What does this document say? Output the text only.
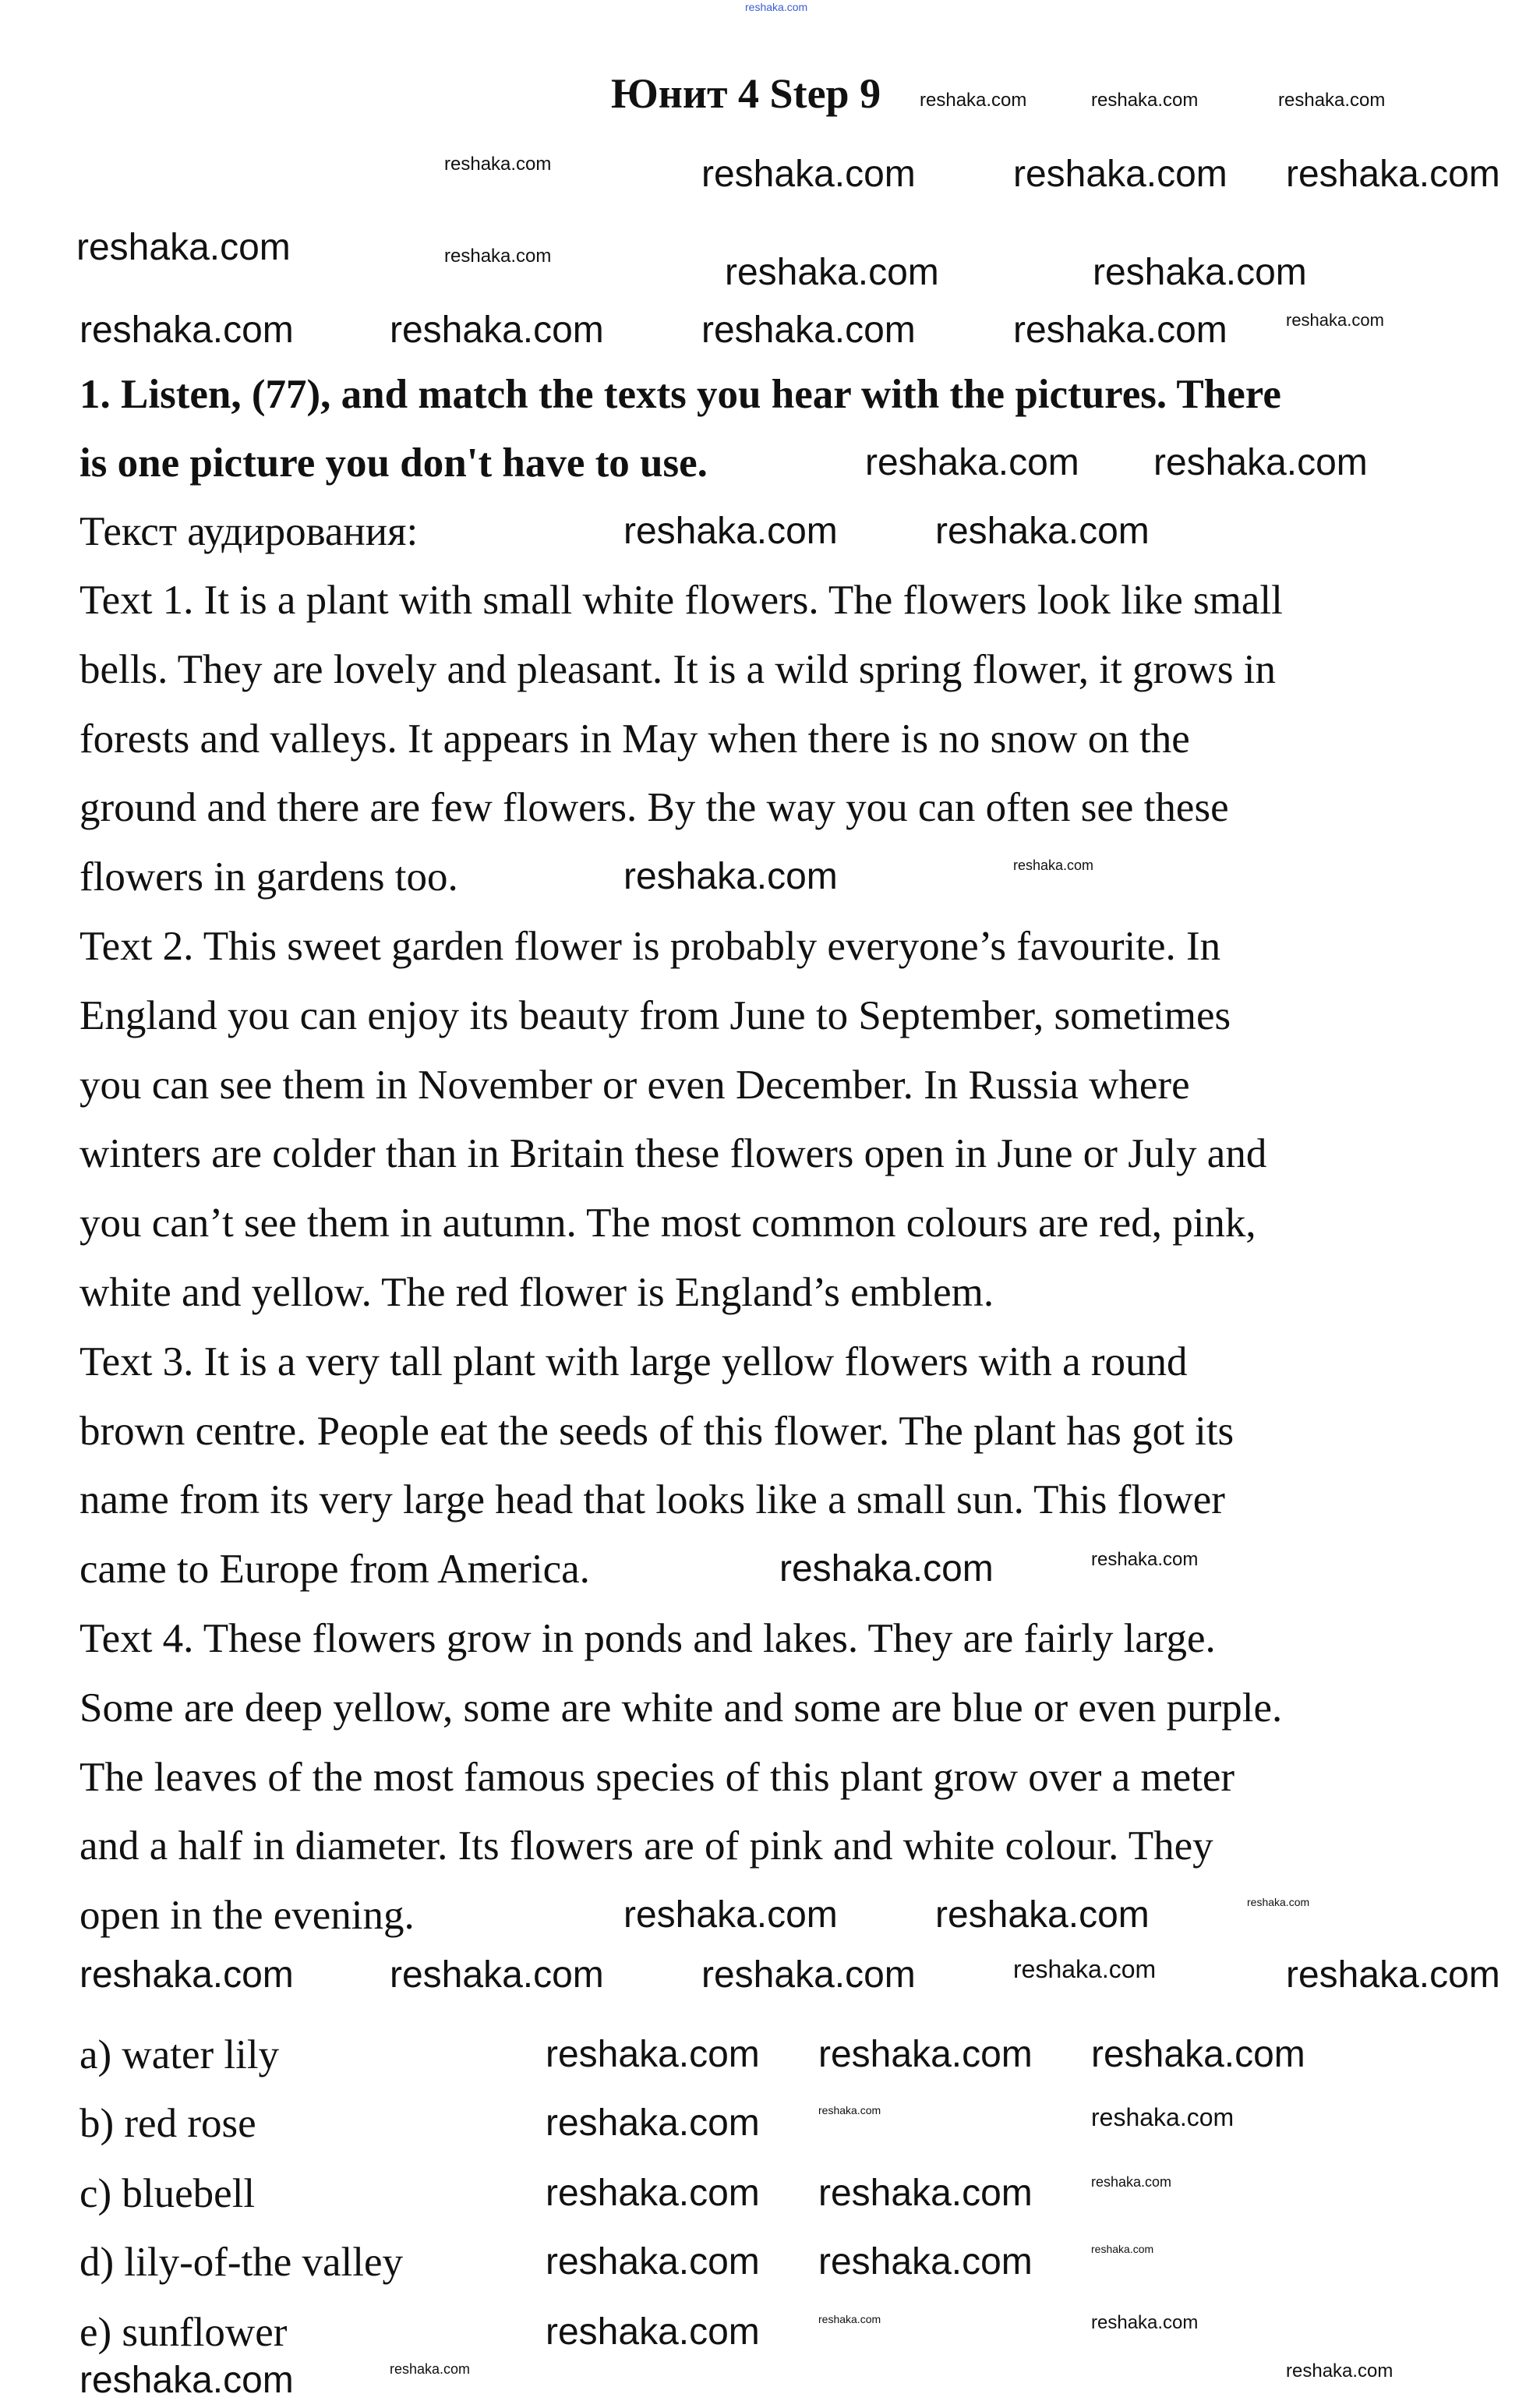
Юнит 4 Step 9
1. Listen, (77), and match the texts you hear with the pictures. There
is one picture you don't have to use.
Текст аудирования:
Text 1. It is a plant with small white flowers. The flowers look like small
bells. They are lovely and pleasant. It is a wild spring flower, it grows in
forests and valleys. It appears in May when there is no snow on the
ground and there are few flowers. By the way you can often see these
flowers in gardens too.
Text 2. This sweet garden flower is probably everyone’s favourite. In
England you can enjoy its beauty from June to September, sometimes
you can see them in November or even December. In Russia where
winters are colder than in Britain these flowers open in June or July and
you can’t see them in autumn. The most common colours are red, pink,
white and yellow. The red flower is England’s emblem.
Text 3. It is a very tall plant with large yellow flowers with a round
brown centre. People eat the seeds of this flower. The plant has got its
name from its very large head that looks like a small sun. This flower
came to Europe from America.
Text 4. These flowers grow in ponds and lakes. They are fairly large.
Some are deep yellow, some are white and some are blue or even purple.
The leaves of the most famous species of this plant grow over a meter
and a half in diameter. Its flowers are of pink and white colour. They
open in the evening.
a) water lily
b) red rose
c) bluebell
d) lily-of-the valley
e) sunflower
reshaka.com
reshaka.com	reshaka.com	reshaka.com
reshaka.com
reshaka.com
reshaka.com	reshaka.com reshaka.com
reshaka.com
reshaka.com	reshaka.com
reshaka.com	reshaka.com	reshaka.com	reshaka.com	reshaka.com
reshaka.com reshaka.com
reshaka.com	reshaka.com
reshaka.com	reshaka.com
reshaka.com	reshaka.com
reshaka.com	reshaka.com	reshaka.com
reshaka.com	reshaka.com	reshaka.com	reshaka.com	reshaka.com
reshaka.com reshaka.com reshaka.com
reshaka.com	reshaka.com	reshaka.com
reshaka.com reshaka.com	reshaka.com
reshaka.com reshaka.com	reshaka.com
reshaka.com	reshaka.com	reshaka.com
reshaka.com	reshaka.com	reshaka.com
